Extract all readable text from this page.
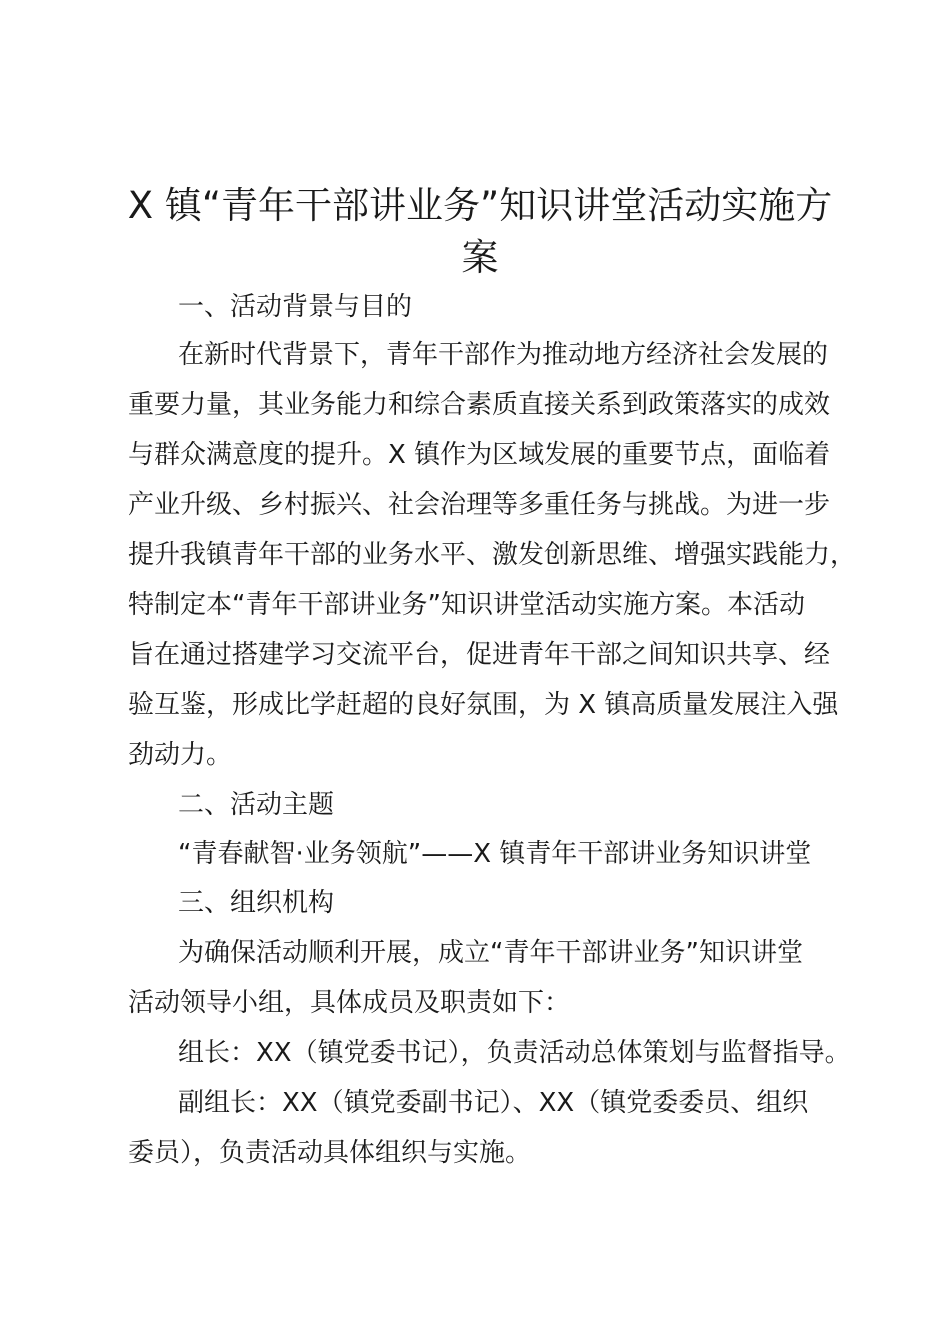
X 镇“青年干部讲业务”知识讲堂活动实施方
案
一、活动背景与目的

在新时代背景下，青年干部作为推动地方经济社会发展的

重要力量，其业务能力和综合素质直接关系到政策落实的成效

与群众满意度的提升。X 镇作为区域发展的重要节点，面临着

产业升级、乡村振兴、社会治理等多重任务与挑战。为进一步

提升我镇青年干部的业务水平、激发创新思维、增强实践能力，

特制定本“青年干部讲业务”知识讲堂活动实施方案。本活动

旨在通过搭建学习交流平台，促进青年干部之间知识共享、经

验互鉴，形成比学赶超的良好氛围，为 X 镇高质量发展注入强

劲动力。

二、活动主题

“青春献智·业务领航”——X 镇青年干部讲业务知识讲堂

三、组织机构

为确保活动顺利开展，成立“青年干部讲业务”知识讲堂

活动领导小组，具体成员及职责如下：

组长：XX（镇党委书记），负责活动总体策划与监督指导。

副组长：XX（镇党委副书记）、XX（镇党委委员、组织

委员），负责活动具体组织与实施。
